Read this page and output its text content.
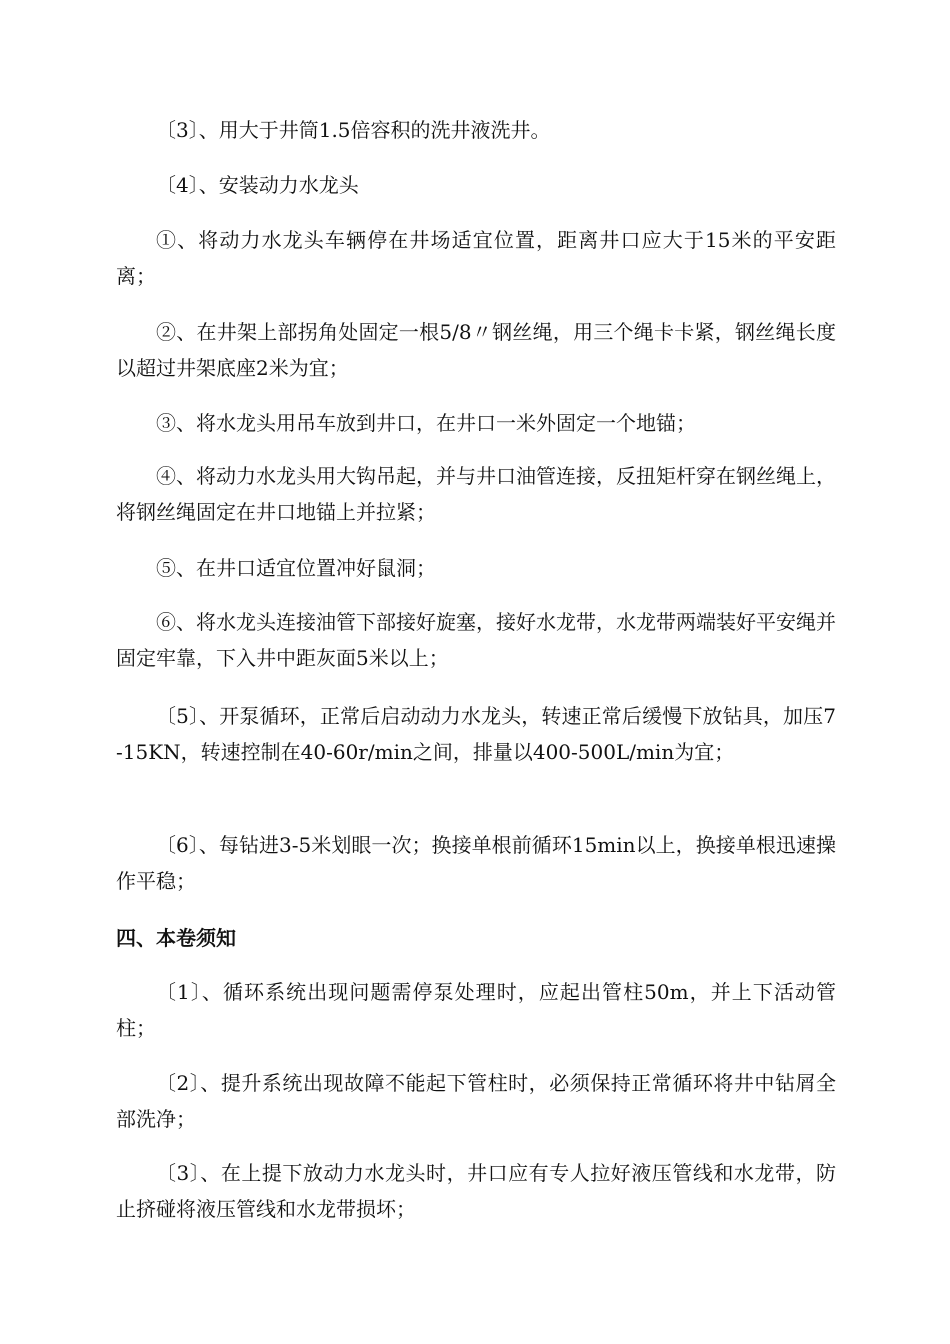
〔3〕、用大于井筒1.5倍容积的洗井液洗井。

〔4〕、安装动力水龙头

①、将动力水龙头车辆停在井场适宜位置，距离井口应大于15米的平安距离；

②、在井架上部拐角处固定一根5/8〃钢丝绳，用三个绳卡卡紧，钢丝绳长度以超过井架底座2米为宜；

③、将水龙头用吊车放到井口，在井口一米外固定一个地锚；

④、将动力水龙头用大钩吊起，并与井口油管连接，反扭矩杆穿在钢丝绳上，将钢丝绳固定在井口地锚上并拉紧；

⑤、在井口适宜位置冲好鼠洞；

⑥、将水龙头连接油管下部接好旋塞，接好水龙带，水龙带两端装好平安绳并固定牢靠，下入井中距灰面5米以上；

〔5〕、开泵循环，正常后启动动力水龙头，转速正常后缓慢下放钻具，加压7-15KN，转速控制在40-60r/min之间，排量以400-500L/min为宜；

〔6〕、每钻进3-5米划眼一次；换接单根前循环15min以上，换接单根迅速操作平稳；

四、本卷须知

〔1〕、循环系统出现问题需停泵处理时，应起出管柱50m，并上下活动管柱；

〔2〕、提升系统出现故障不能起下管柱时，必须保持正常循环将井中钻屑全部洗净；

〔3〕、在上提下放动力水龙头时，井口应有专人拉好液压管线和水龙带，防止挤碰将液压管线和水龙带损坏；
